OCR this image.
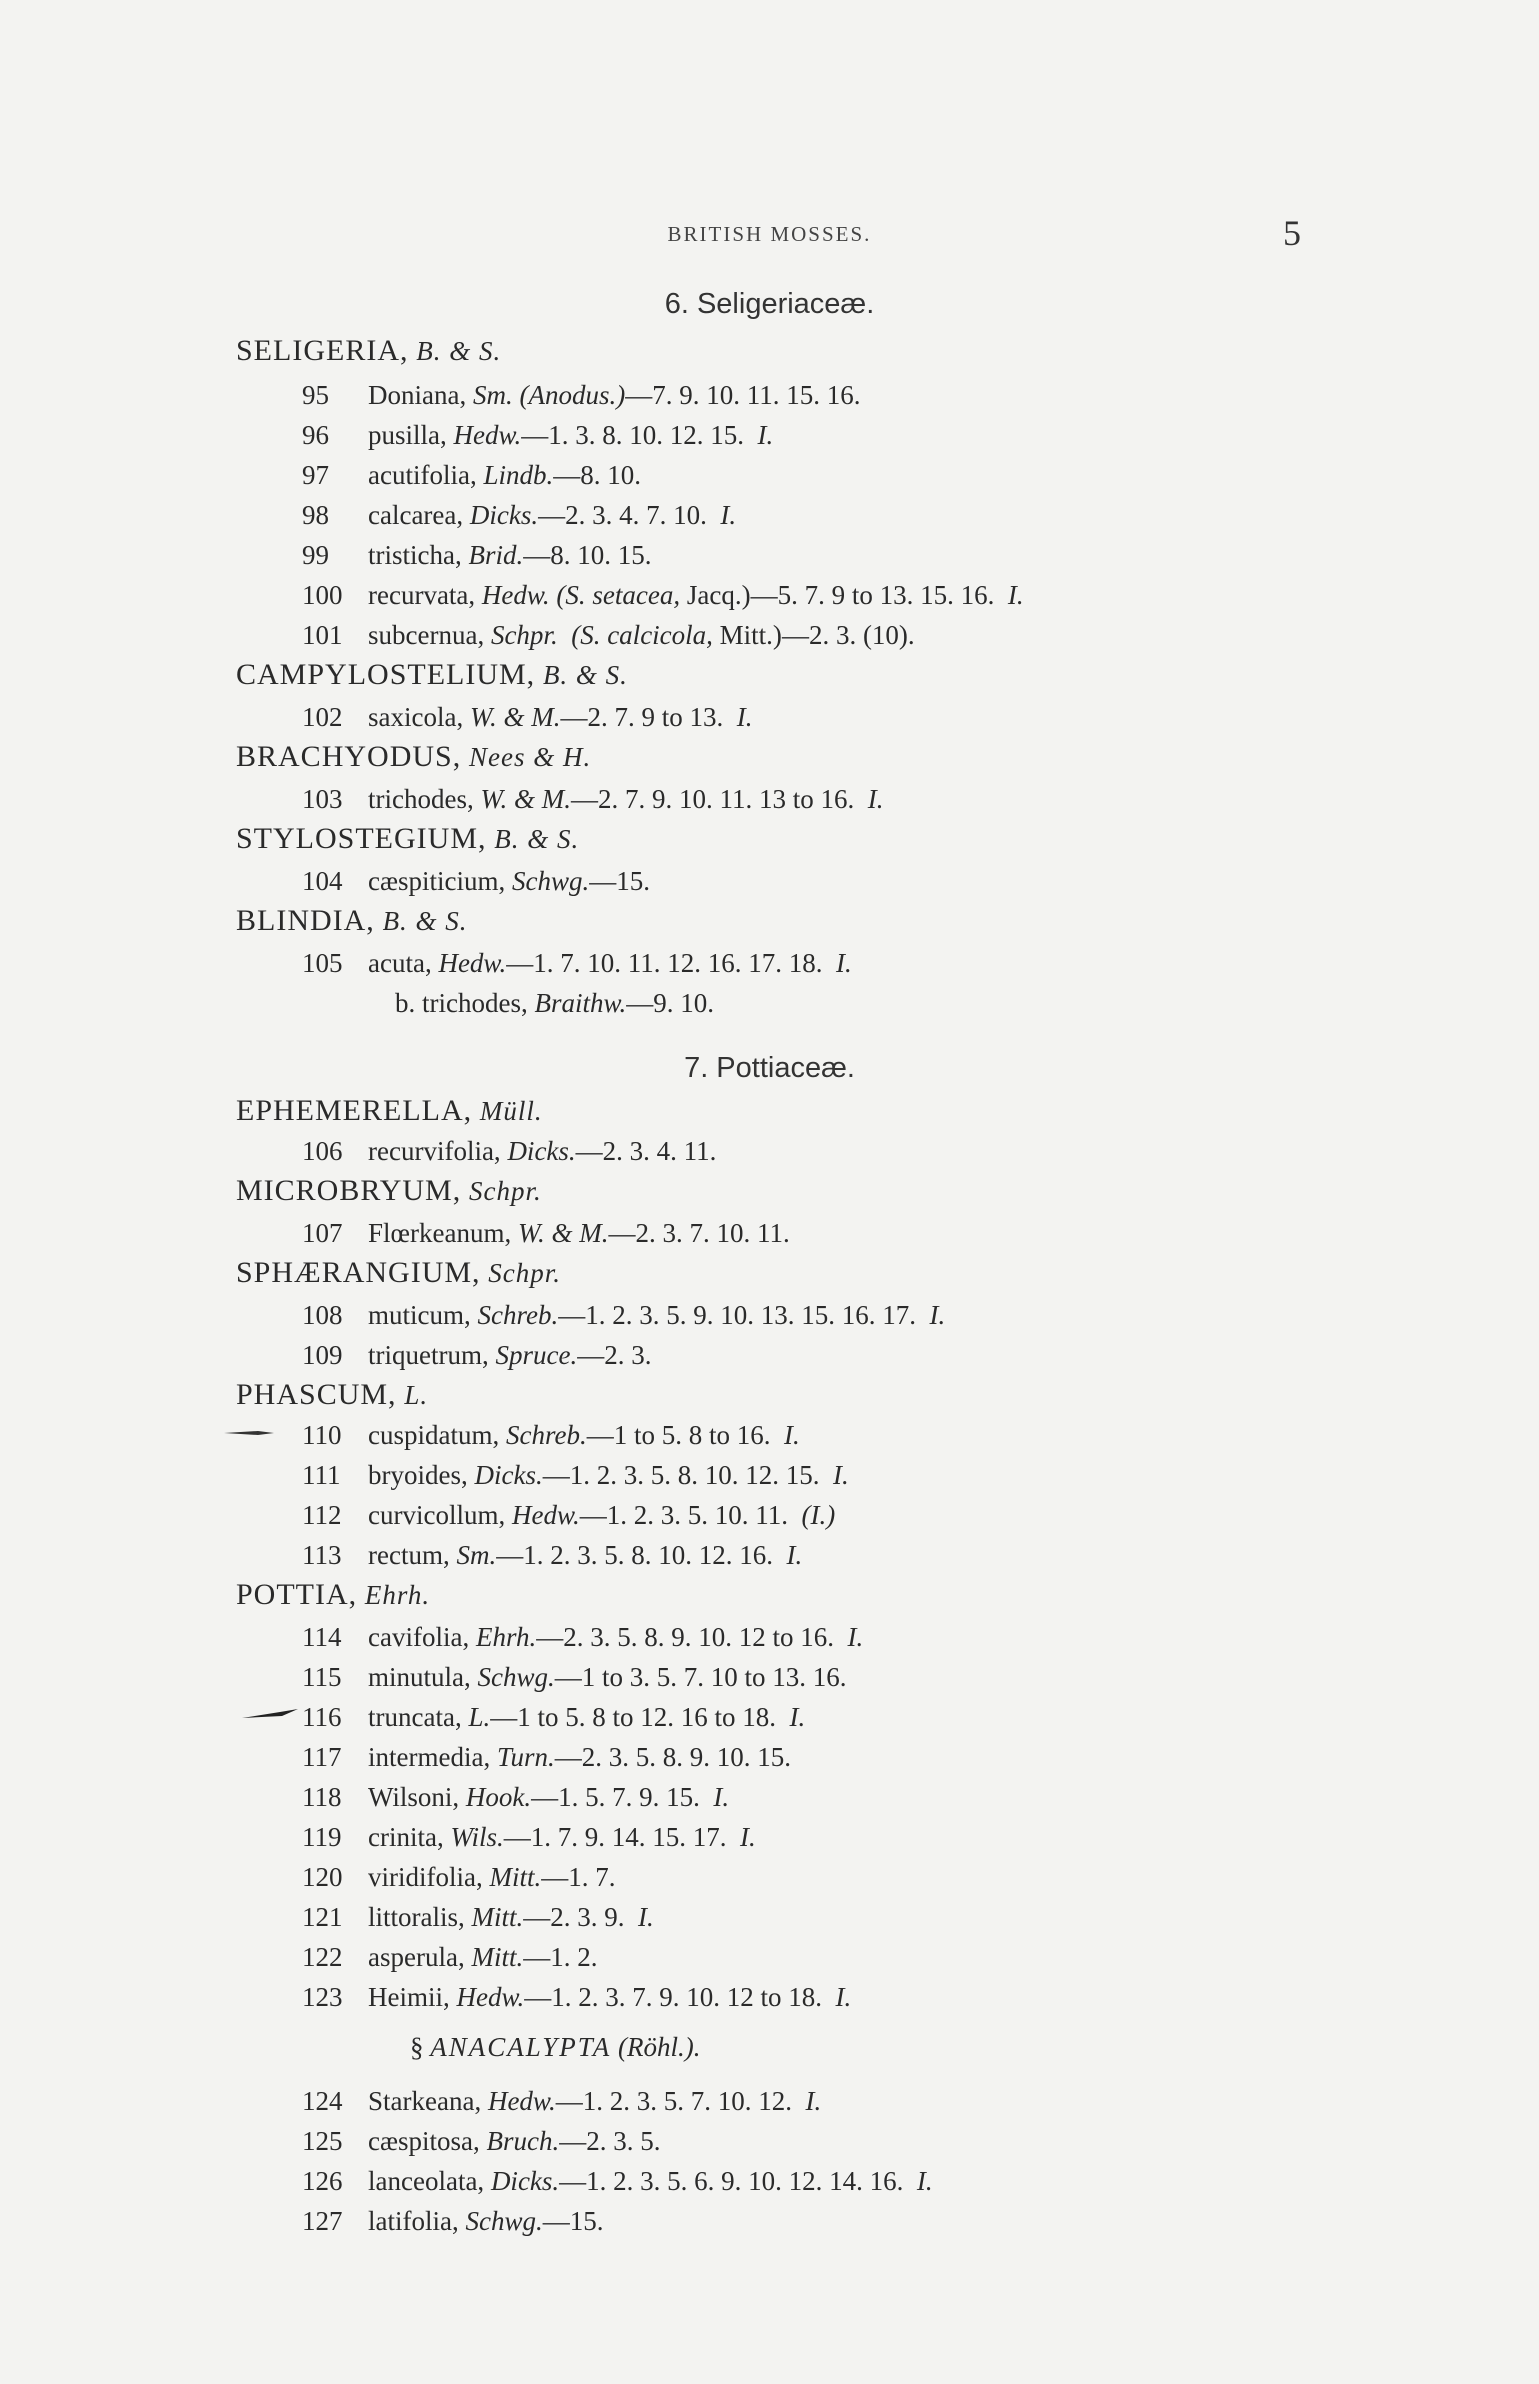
BRITISH MOSSES.	5
6. Seligeriaceæ.
SELIGERIA, B. & S.
95 Doniana, Sm. (Anodus.)—7. 9. 10. 11. 15. 16.
96 pusilla, Hedw.—1. 3. 8. 10. 12. 15. I.
97 acutifolia, Lindb.—8. 10.
98 calcarea, Dicks.—2. 3. 4. 7. 10. I.
99 tristicha, Brid.—8. 10. 15.
100 recurvata, Hedw. (S. setacea, Jacq.)—5. 7. 9 to 13. 15. 16. I.
101 subcernua, Schpr. (S. calcicola, Mitt.)—2. 3. (10).
CAMPYLOSTELIUM, B. & S.
102 saxicola, W. & M.—2. 7. 9 to 13. I.
BRACHYODUS, Nees & H.
103 trichodes, W. & M.—2. 7. 9. 10. 11. 13 to 16. I.
STYLOSTEGIUM, B. & S.
104 cæspiticium, Schwg.—15.
BLINDIA, B. & S.
105 acuta, Hedw.—1. 7. 10. 11. 12. 16. 17. 18. I.
b. trichodes, Braithw.—9. 10.
7. Pottiaceæ.
EPHEMERELLA, Müll.
106 recurvifolia, Dicks.—2. 3. 4. 11.
MICROBRYUM, Schpr.
107 Flœrkeanum, W. & M.—2. 3. 7. 10. 11.
SPHÆRANGIUM, Schpr.
108 muticum, Schreb.—1. 2. 3. 5. 9. 10. 13. 15. 16. 17. I.
109 triquetrum, Spruce.—2. 3.
PHASCUM, L.
110 cuspidatum, Schreb.—1 to 5. 8 to 16. I.
111 bryoides, Dicks.—1. 2. 3. 5. 8. 10. 12. 15. I.
112 curvicollum, Hedw.—1. 2. 3. 5. 10. 11. (I.)
113 rectum, Sm.—1. 2. 3. 5. 8. 10. 12. 16. I.
POTTIA, Ehrh.
114 cavifolia, Ehrh.—2. 3. 5. 8. 9. 10. 12 to 16. I.
115 minutula, Schwg.—1 to 3. 5. 7. 10 to 13. 16.
116 truncata, L.—1 to 5. 8 to 12. 16 to 18. I.
117 intermedia, Turn.—2. 3. 5. 8. 9. 10. 15.
118 Wilsoni, Hook.—1. 5. 7. 9. 15. I.
119 crinita, Wils.—1. 7. 9. 14. 15. 17. I.
120 viridifolia, Mitt.—1. 7.
121 littoralis, Mitt.—2. 3. 9. I.
122 asperula, Mitt.—1. 2.
123 Heimii, Hedw.—1. 2. 3. 7. 9. 10. 12 to 18. I.
§ ANACALYPTA (Röhl.).
124 Starkeana, Hedw.—1. 2. 3. 5. 7. 10. 12. I.
125 cæspitosa, Bruch.—2. 3. 5.
126 lanceolata, Dicks.—1. 2. 3. 5. 6. 9. 10. 12. 14. 16. I.
127 latifolia, Schwg.—15.
